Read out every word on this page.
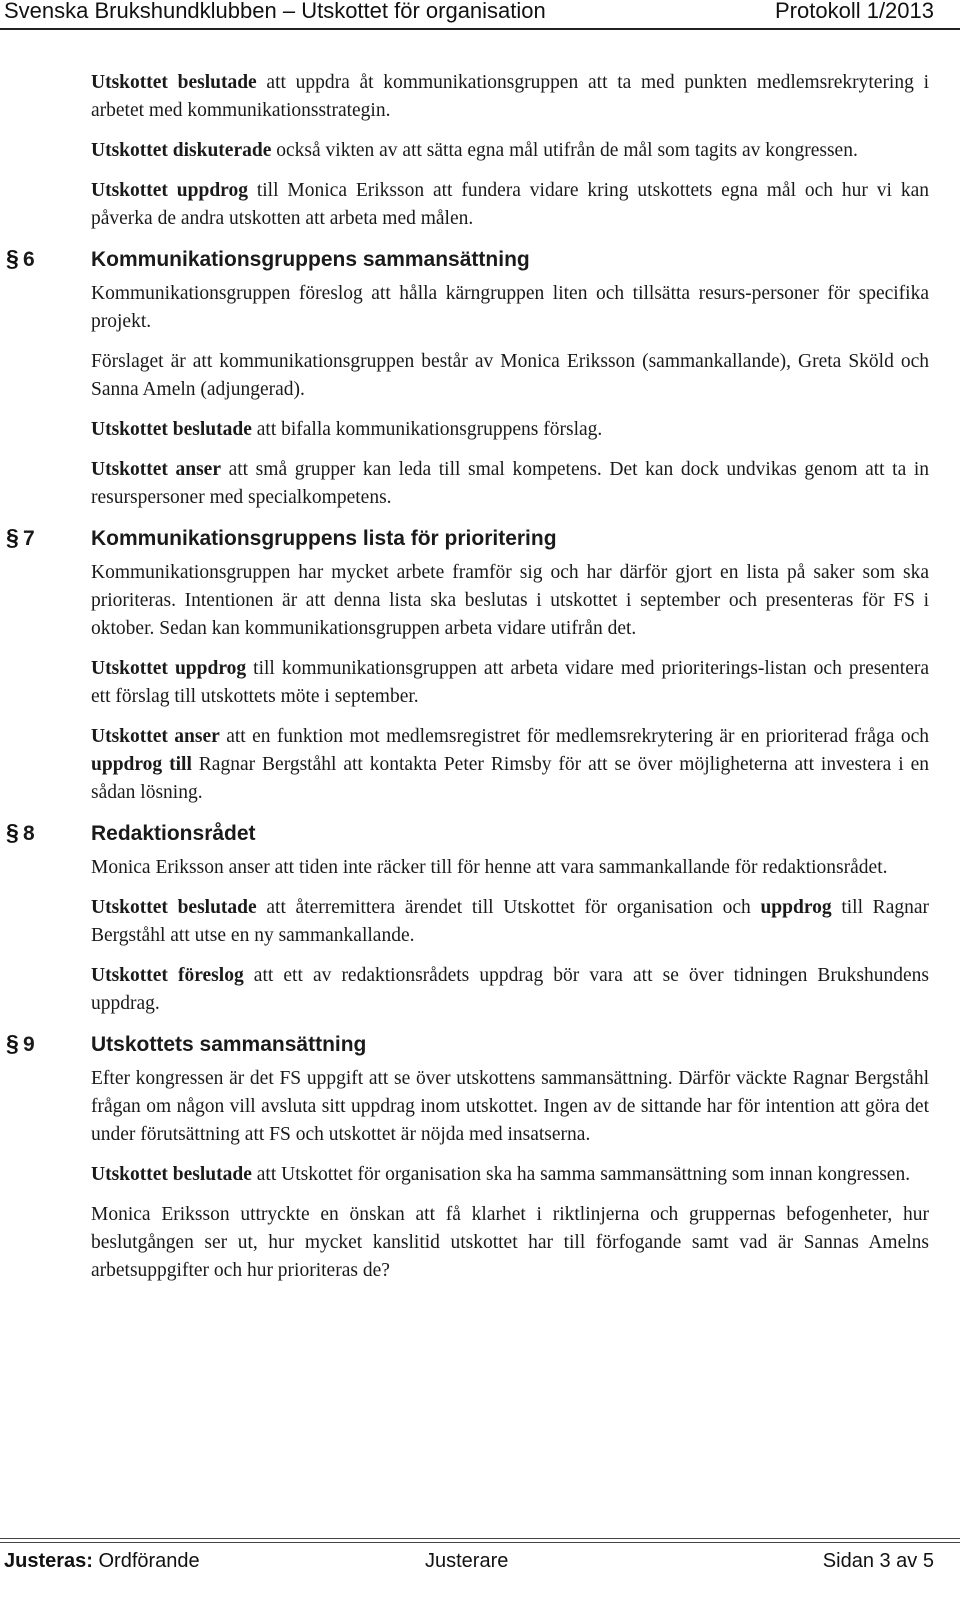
Svenska Brukshundklubben – Utskottet för organisation	Protokoll 1/2013

Utskottet beslutade att uppdra åt kommunikationsgruppen att ta med punkten medlemsrekrytering i arbetet med kommunikationsstrategin.

Utskottet diskuterade också vikten av att sätta egna mål utifrån de mål som tagits av kongressen.

Utskottet uppdrog till Monica Eriksson att fundera vidare kring utskottets egna mål och hur vi kan påverka de andra utskotten att arbeta med målen.

§ 6	Kommunikationsgruppens sammansättning

Kommunikationsgruppen föreslog att hålla kärngruppen liten och tillsätta resurs-personer för specifika projekt.

Förslaget är att kommunikationsgruppen består av Monica Eriksson (sammankallande), Greta Sköld och Sanna Ameln (adjungerad).

Utskottet beslutade att bifalla kommunikationsgruppens förslag.

Utskottet anser att små grupper kan leda till smal kompetens. Det kan dock undvikas genom att ta in resurspersoner med specialkompetens.

§ 7	Kommunikationsgruppens lista för prioritering

Kommunikationsgruppen har mycket arbete framför sig och har därför gjort en lista på saker som ska prioriteras. Intentionen är att denna lista ska beslutas i utskottet i september och presenteras för FS i oktober. Sedan kan kommunikationsgruppen arbeta vidare utifrån det.

Utskottet uppdrog till kommunikationsgruppen att arbeta vidare med prioriterings-listan och presentera ett förslag till utskottets möte i september.

Utskottet anser att en funktion mot medlemsregistret för medlemsrekrytering är en prioriterad fråga och uppdrog till Ragnar Bergståhl att kontakta Peter Rimsby för att se över möjligheterna att investera i en sådan lösning.

§ 8	Redaktionsrådet

Monica Eriksson anser att tiden inte räcker till för henne att vara sammankallande för redaktionsrådet.

Utskottet beslutade att återremittera ärendet till Utskottet för organisation och uppdrog till Ragnar Bergståhl att utse en ny sammankallande.

Utskottet föreslog att ett av redaktionsrådets uppdrag bör vara att se över tidningen Brukshundens uppdrag.

§ 9	Utskottets sammansättning

Efter kongressen är det FS uppgift att se över utskottens sammansättning. Därför väckte Ragnar Bergståhl frågan om någon vill avsluta sitt uppdrag inom utskottet. Ingen av de sittande har för intention att göra det under förutsättning att FS och utskottet är nöjda med insatserna.

Utskottet beslutade att Utskottet för organisation ska ha samma sammansättning som innan kongressen.

Monica Eriksson uttryckte en önskan att få klarhet i riktlinjerna och gruppernas befogenheter, hur beslutgången ser ut, hur mycket kanslitid utskottet har till förfogande samt vad är Sannas Amelns arbetsuppgifter och hur prioriteras de?

Justeras: Ordförande	Justerare	Sidan 3 av 5
